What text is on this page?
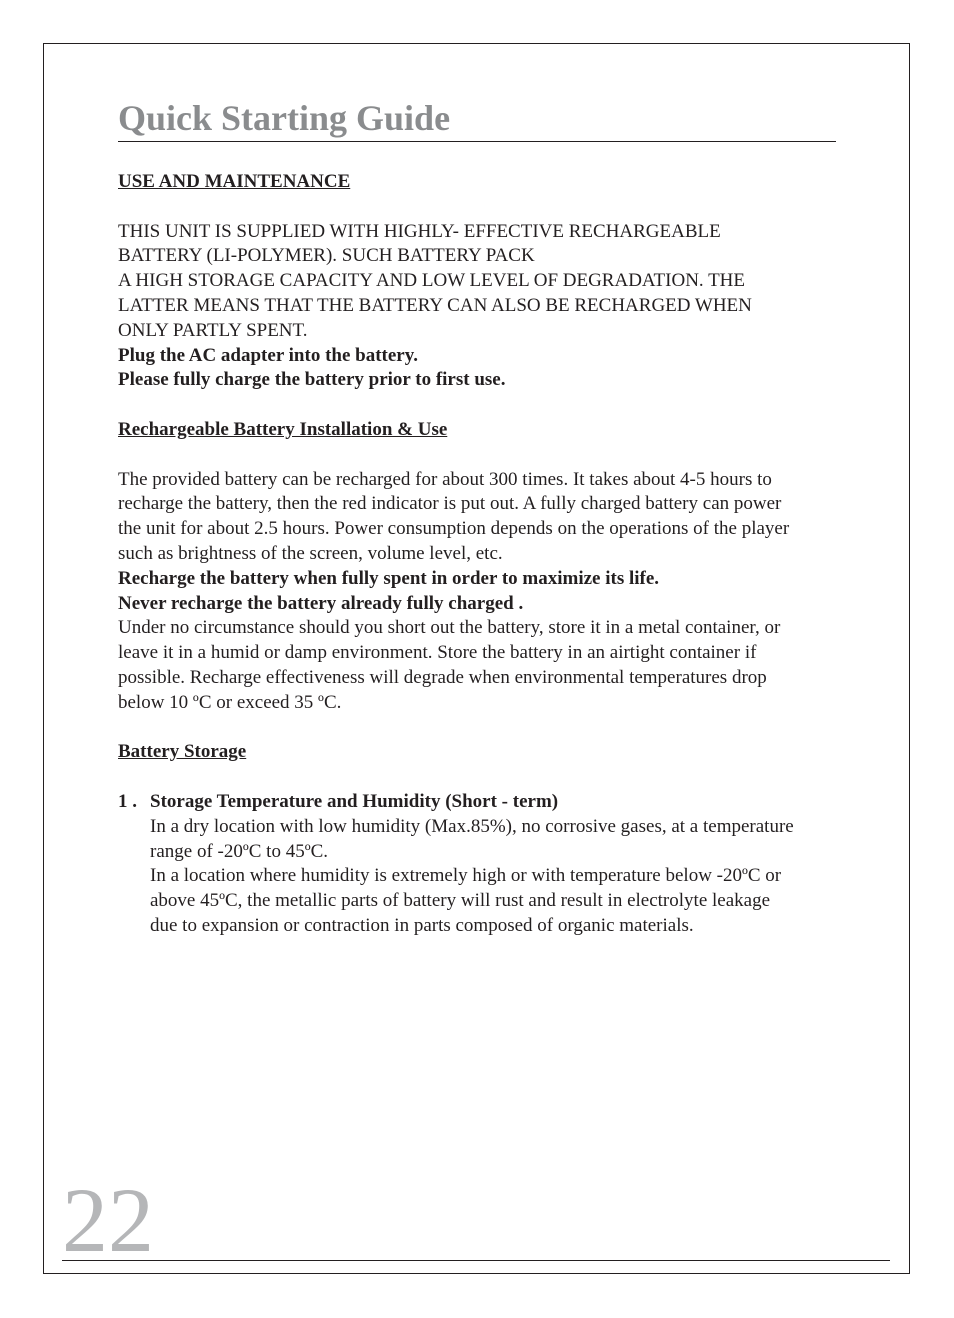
Quick Starting Guide

USE AND MAINTENANCE

THIS UNIT IS SUPPLIED WITH HIGHLY- EFFECTIVE RECHARGEABLE

BATTERY (LI-POLYMER). SUCH BATTERY PACK

A HIGH STORAGE CAPACITY AND LOW LEVEL OF DEGRADATION. THE

LATTER MEANS THAT THE BATTERY CAN ALSO BE RECHARGED WHEN

ONLY PARTLY SPENT.

Plug the AC adapter into the battery.

Please fully charge the battery prior to first use.

Rechargeable Battery Installation & Use

The provided battery can be recharged for about 300 times. It takes about 4-5 hours to

recharge the battery, then the red indicator is put out. A fully charged battery can power

the unit for about 2.5 hours. Power consumption depends on the operations of the player

such as brightness of the screen, volume level, etc.

Recharge the battery when fully spent in order to maximize its life.

Never recharge the battery already fully charged .

Under no circumstance should you short out the battery, store it in a metal container, or

leave it in a humid or damp environment. Store the battery in an airtight container if

possible. Recharge effectiveness will degrade when environmental temperatures drop

below 10 ºC or exceed 35 ºC.

Battery Storage

1 . Storage Temperature and Humidity (Short - term)

In a dry location with low humidity (Max.85%), no corrosive gases, at a temperature

range of -20ºC to 45ºC.

In a location where humidity is extremely high or with temperature below -20ºC or

above 45ºC, the metallic parts of battery will rust and result in electrolyte leakage

due to expansion or contraction in parts composed of organic materials.

22
